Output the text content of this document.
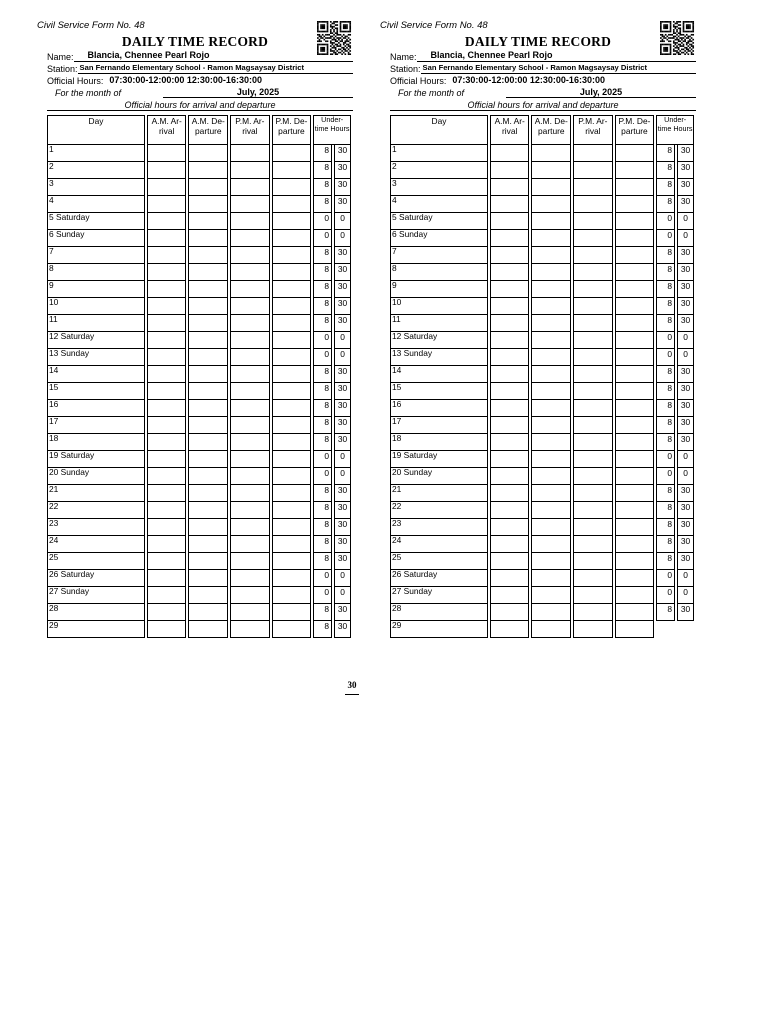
Civil Service Form No. 48
DAILY TIME RECORD
Name:	Blancia, Chennee Pearl Rojo
Station: San Fernando Elementary School - Ramon Magsaysay District
Official Hours: 07:30:00-12:00:00 12:30:00-16:30:00
For the month of	July, 2025
Official hours for arrival and departure
Day	A.M. Ar- rival	A.M. De- parture	P.M. Ar- rival	P.M. De- parture	Under- time Hours	
1					8	30
2					8	30
3					8	30
4					8	30
5 Saturday					0	0
6 Sunday					0	0
7					8	30
8					8	30
9					8	30
10					8	30
11					8	30
12 Saturday					0	0
13 Sunday					0	0
14					8	30
15					8	30
16					8	30
17					8	30
18					8	30
19 Saturday					0	0
20 Sunday					0	0
21					8	30
22					8	30
23					8	30
24					8	30
25					8	30
26 Saturday					0	0
27 Sunday					0	0
28					8	30
29					8	30
Civil Service Form No. 48
DAILY TIME RECORD
Name:	Blancia, Chennee Pearl Rojo
Station: San Fernando Elementary School - Ramon Magsaysay District
Official Hours: 07:30:00-12:00:00 12:30:00-16:30:00
For the month of	July, 2025
Official hours for arrival and departure
Day	A.M. Ar- rival	A.M. De- parture	P.M. Ar- rival	P.M. De- parture	Under- time Hours	
1					8	30
2					8	30
3					8	30
4					8	30
5 Saturday					0	0
6 Sunday					0	0
7					8	30
8					8	30
9					8	30
10					8	30
11					8	30
12 Saturday					0	0
13 Sunday					0	0
14					8	30
15					8	30
16					8	30
17					8	30
18					8	30
19 Saturday					0	0
20 Sunday					0	0
21					8	30
22					8	30
23					8	30
24					8	30
25					8	30
26 Saturday					0	0
27 Sunday					0	0
28					8	30
29						
30
